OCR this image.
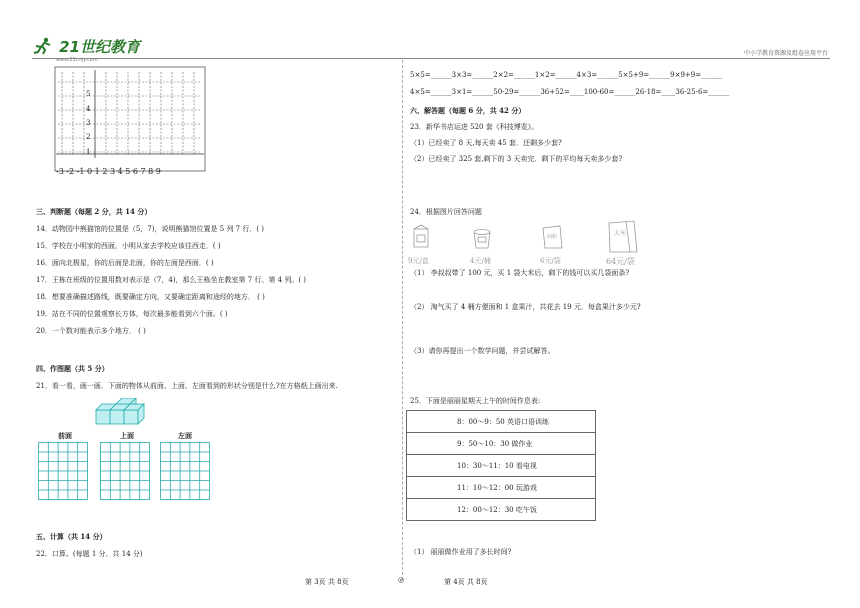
21世纪教育
www.21cnjy.com
中小学教育资源及组卷应用平台
5
4
3
2
1
-3 -2 -1 0 1 2 3 4 5 6 7 8 9
三、判断题（每题 2 分，共 14 分）
14．动物园中熊猫馆的位置是（5，7)，说明熊猫馆位置是 5 列 7 行．( )
15．学校在小明家的西面，小明从家去学校应该往西走．( )
16．面向北极星，你的后面是北面，你的左面是西面．( )
17．王栋在班级的位置用数对表示是（7，4)，那么王栋坐在教室第 7 行、第 4 列。( )
18．想要准确描述路线，既要确定方向，又要确定距离和途经的地方． ( )
19．站在不同的位置观察长方体，每次最多能看到六个面。( )
20．一个数对能表示多个地方． ( )
四、作图题（共 5 分）
21．看一看，画一画．下面的物体从前面、上面、左面看到的形状分别是什么?在方格纸上画出来.
前面	上面	左面
五、计算（共 14 分）
22．口算。(每题 1 分、共 14 分)
5×5=______3×3=______2×2=______1×2=______4×3=______5×5+9=______9×9+9=______
4×5=______3×1=______50-29=______36+52=____100-60=______26-18=____36-25-6=______
六、解答题（每题 6 分，共 42 分）
23．新华书店运进 520 套《科技博览》。
（1）已经卖了 8 天,每天卖 45 套．还剩多少套?
（2）已经卖了 325 套,剩下的 3 天卖完．剩下的平均每天卖多少套?
24．根据图片回答问题
9元/盒	4元/桶
面粉
6元/袋
大米
64元/袋
（1） 李叔叔带了 100 元，买 1 袋大米后，剩下的钱可以买几袋面条?
（2） 淘气买了 4 桶方便面和 1 盒果汁，共花去 19 元．每盒果汁多少元?
（3）请你再提出一个数学问题，并尝试解答。
25．下面是丽丽星期天上午的时间作息表:
8：00～9：50 英语口语训练
9：50～10：30 做作业
10：30～11：10 看电视
11：10～12：00 玩游戏
12：00～12：30 吃午饭
（1） 丽丽做作业用了多长时间?
第 3页 共 8页	◎	第 4页 共 8页
